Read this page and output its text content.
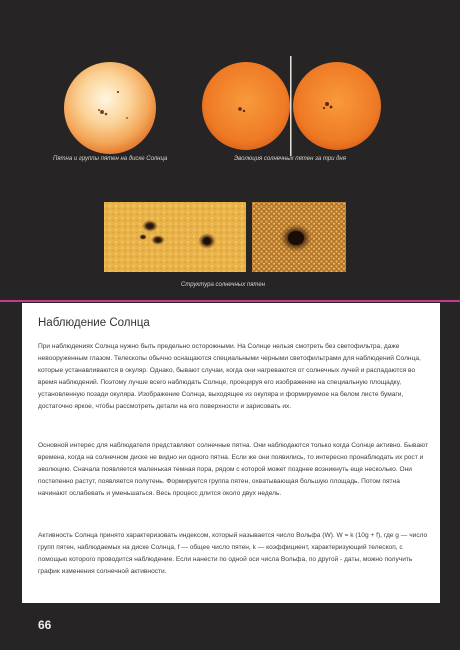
Пятна и группы пятен на диске Солнца	Эволюция солнечных пятен за три дня
Структура солнечных пятен
Наблюдение Солнца

При наблюдениях Солнца нужно быть предельно осторожными. На Солнце нельзя смотреть без светофильтра, даже невооруженным глазом. Телескопы обычно оснащаются специальными черными светофильтрами для наблюдений Солнца, которые устанавливаются в окуляр. Однако, бывают случаи, когда они нагреваются от солнечных лучей и распадаются во время наблюдений. Поэтому лучше всего наблюдать Солнце, проецируя его изображение на специальную площадку, установленную позади окуляра. Изображение Солнца, выходящее из окуляра и формируемое на белом листе бумаги, достаточно яркое, чтобы рассмотреть детали на его поверхности и зарисовать их.

Основной интерес для наблюдателя представляют солнечные пятна. Они наблюдаются только когда Солнце активно. Бывают времена, когда на солнечном диске не видно ни одного пятна. Если же они появились, то интересно пронаблюдать их рост и эволюцию. Сначала появляется маленькая темная пора, рядом с которой может позднее возникнуть еще несколько. Они постепенно растут, появляется полутень. Формируется группа пятен, охватывающая большую площадь. Потом пятна начинают ослабевать и уменьшаться. Весь процесс длится около двух недель.

Активность Солнца принято характеризовать индексом, который называется число Вольфа (W). W = k (10g + f), где g — число групп пятен, наблюдаемых на диске Солнца, f — общее число пятен, k — коэффициент, характеризующий телескоп, с помощью которого проводится наблюдение. Если нанести по одной оси числа Вольфа, по другой - даты, можно получить график изменения солнечной активности.

66
